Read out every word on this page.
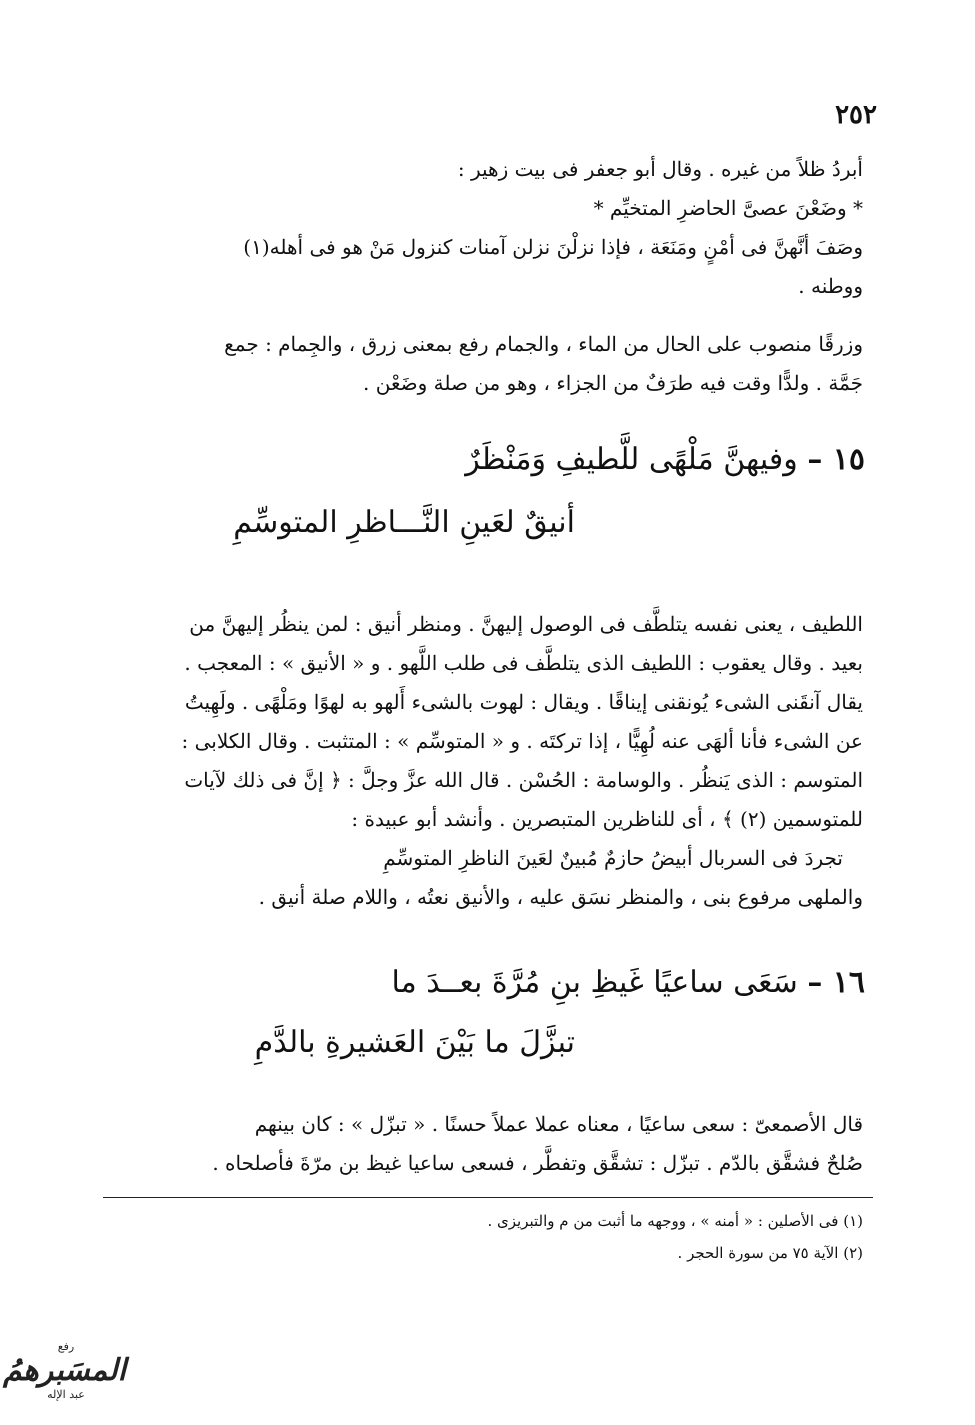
٢٥٢
أبردُ ظلاً من غيره . وقال أبو جعفر فى بيت زهير :
* وضَعْنَ عصىَّ الحاضرِ المتخيِّم *
وصَفَ أنَّهنَّ فى أمْنٍ ومَنَعَة ، فإذا نزلْنَ نزلن آمنات كنزول مَنْ هو فى أهله(١)
ووطنه .
وزرقًا منصوب على الحال من الماء ، والجمام رفع بمعنى زرق ، والجِمام : جمع
جَمَّة . ولدًّا وقت فيه طرَفٌ من الجزاء ، وهو من صلة وضَعْن .
١٥ – وفيهنَّ مَلْهًى للَّطيفِ وَمَنْظَرٌ
أنيقٌ لعَينِ النَّـــاظرِ المتوسِّمِ
اللطيف ، يعنى نفسه يتلطَّف فى الوصول إليهنَّ . ومنظر أنيق : لمن ينظُر إليهنَّ من
بعيد . وقال يعقوب : اللطيف الذى يتلطَّف فى طلب اللَّهو . و « الأنيق » : المعجب .
يقال آنقَنى الشىء يُونقنى إيناقًا . ويقال : لهوت بالشىء أَلهو به لهوًا ومَلْهًى . ولَهِيتُ
عن الشىء فأنا ألهَى عنه لُهِيًّا ، إذا تركتَه . و « المتوسِّم » : المتثبت . وقال الكلابى :
المتوسم : الذى يَنظُر . والوسامة : الحُسْن . قال الله عزَّ وجلَّ : ﴿ إنَّ فى ذلك لآيات
للمتوسمين (٢) ﴾ ، أى للناظرين المتبصرين . وأنشد أبو عبيدة :
تجردَ فى السربال أبيضُ حازمٌ مُبينٌ لعَينَ الناظرِ المتوسِّمِ
والملهى مرفوع بنى ، والمنظر نسَق عليه ، والأنيق نعتُه ، واللام صلة أنيق .
١٦ – سَعَى ساعيًا غَيظِ بنِ مُرَّةَ بعــدَ ما
تبزَّلَ ما بَيْنَ العَشيرةِ بالدَّمِ
قال الأصمعىّ : سعى ساعيًا ، معناه عملا عملاً حسنًا . « تبزّل » : كان بينهم
صُلحٌ فشقَّق بالدّم . تبزّل : تشقَّق وتفطَّر ، فسعى ساعيا غيظ بن مرّةَ فأصلحاه .
(١) فى الأصلين : « أمنه » ، ووجهه ما أثبت من م والتبريزى .
(٢) الآية ٧٥ من سورة الحجر .
رفع
المسَبرهمُ
عبد الإله
